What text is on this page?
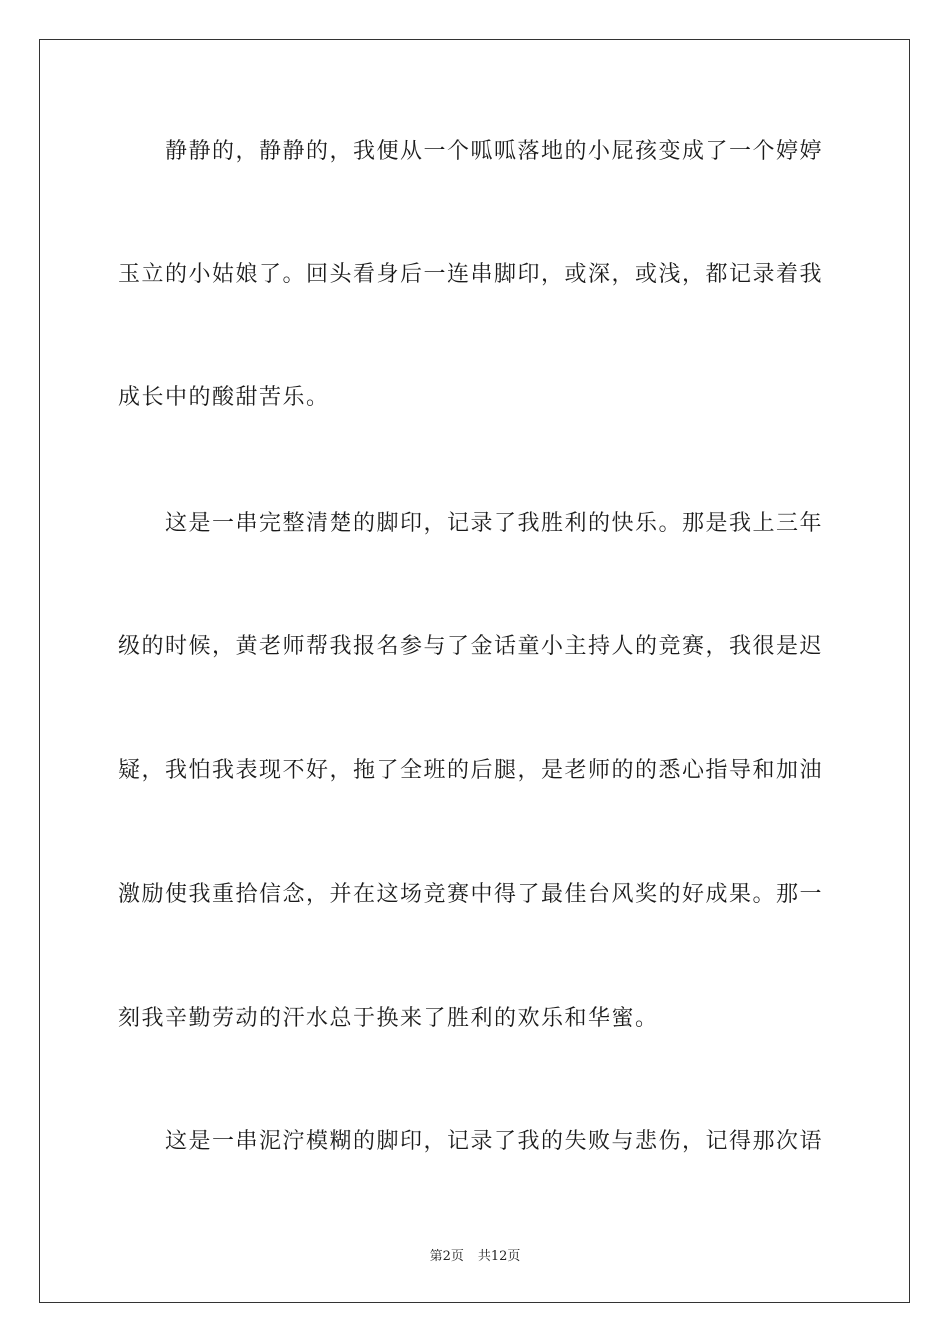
静静的，静静的，我便从一个呱呱落地的小屁孩变成了一个婷婷
玉立的小姑娘了。回头看身后一连串脚印，或深，或浅，都记录着我
成长中的酸甜苦乐。
这是一串完整清楚的脚印，记录了我胜利的快乐。那是我上三年
级的时候，黄老师帮我报名参与了金话童小主持人的竞赛，我很是迟
疑，我怕我表现不好，拖了全班的后腿，是老师的的悉心指导和加油
激励使我重拾信念，并在这场竞赛中得了最佳台风奖的好成果。那一
刻我辛勤劳动的汗水总于换来了胜利的欢乐和华蜜。
这是一串泥泞模糊的脚印，记录了我的失败与悲伤，记得那次语
第2页 共12页
